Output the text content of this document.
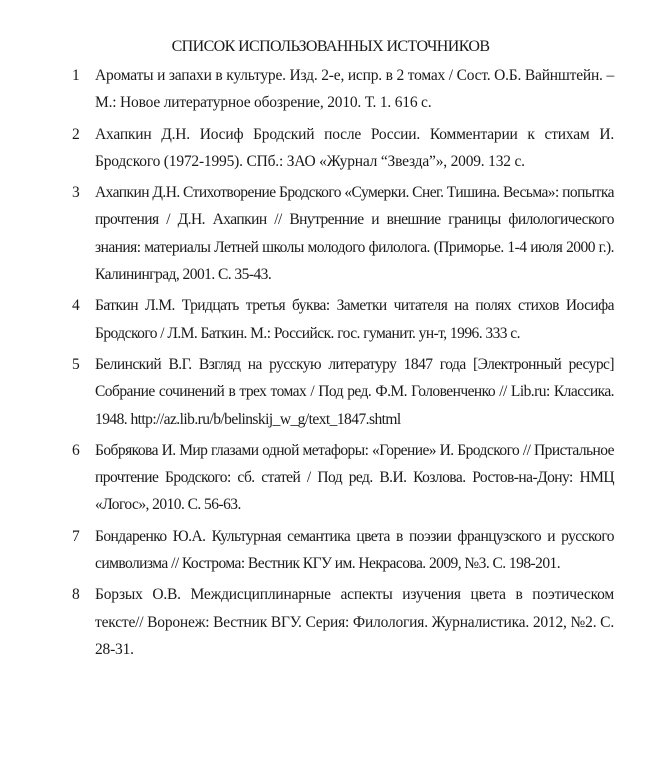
СПИСОК ИСПОЛЬЗОВАННЫХ ИСТОЧНИКОВ
1 Ароматы и запахи в культуре. Изд. 2-е, испр. в 2 томах / Сост. О.Б. Вайнштейн. – М.: Новое литературное обозрение, 2010. Т. 1. 616 с.
2 Ахапкин Д.Н. Иосиф Бродский после России. Комментарии к стихам И. Бродского (1972-1995). СПб.: ЗАО «Журнал “Звезда”», 2009. 132 с.
3 Ахапкин Д.Н. Стихотворение Бродского «Сумерки. Снег. Тишина. Весьма»: попытка прочтения / Д.Н. Ахапкин // Внутренние и внешние границы филологического знания: материалы Летней школы молодого филолога. (Приморье. 1-4 июля 2000 г.). Калининград, 2001. С. 35-43.
4 Баткин Л.М. Тридцать третья буква: Заметки читателя на полях стихов Иосифа Бродского / Л.М. Баткин. М.: Российск. гос. гуманит. ун-т, 1996. 333 с.
5 Белинский В.Г. Взгляд на русскую литературу 1847 года [Электронный ресурс] Собрание сочинений в трех томах / Под ред. Ф.М. Головенченко // Lib.ru: Классика. 1948. http://az.lib.ru/b/belinskij_w_g/text_1847.shtml
6 Бобрякова И. Мир глазами одной метафоры: «Горение» И. Бродского // Пристальное прочтение Бродского: сб. статей / Под ред. В.И. Козлова. Ростов-на-Дону: НМЦ «Логос», 2010. С. 56-63.
7 Бондаренко Ю.А. Культурная семантика цвета в поэзии французского и русского символизма // Кострома: Вестник КГУ им. Некрасова. 2009, №3. С. 198-201.
8 Борзых О.В. Междисциплинарные аспекты изучения цвета в поэтическом тексте// Воронеж: Вестник ВГУ. Серия: Филология. Журналистика. 2012, №2. С. 28-31.
